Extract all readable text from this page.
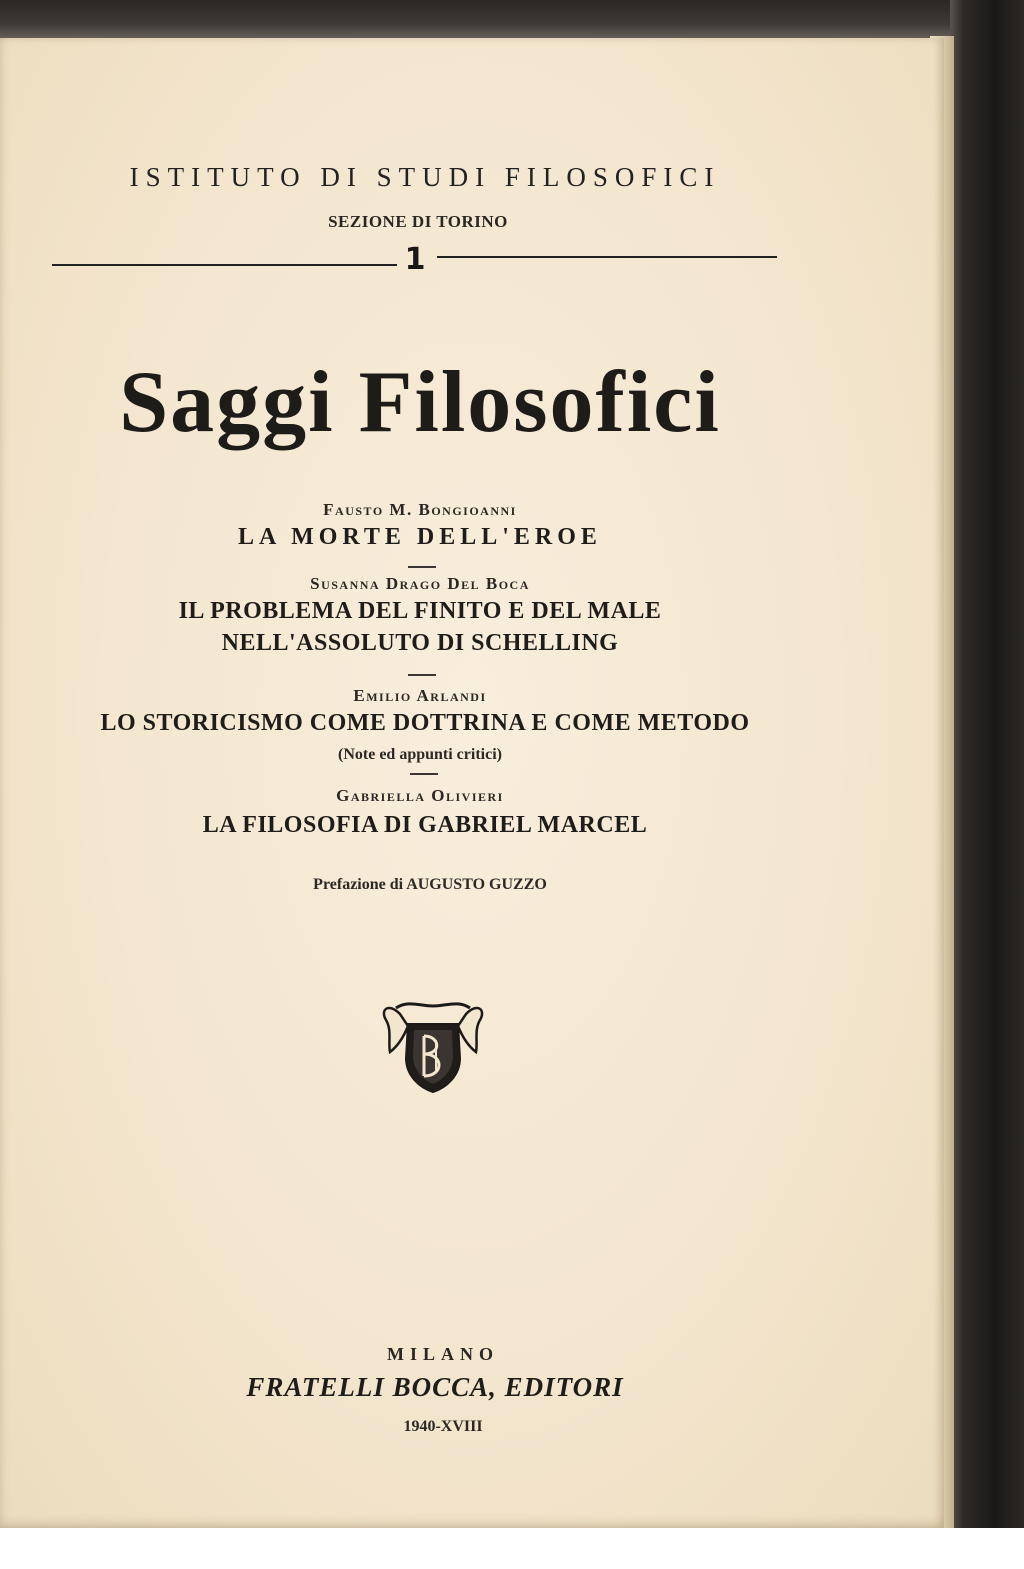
ISTITUTO DI STUDI FILOSOFICI
SEZIONE DI TORINO
1
Saggi Filosofici
Fausto M. Bongioanni
LA MORTE DELL'EROE
Susanna Drago Del Boca
IL PROBLEMA DEL FINITO E DEL MALE
NELL'ASSOLUTO DI SCHELLING
Emilio Arlandi
LO STORICISMO COME DOTTRINA E COME METODO
(Note ed appunti critici)
Gabriella Olivieri
LA FILOSOFIA DI GABRIEL MARCEL
Prefazione di AUGUSTO GUZZO
MILANO
FRATELLI BOCCA, EDITORI
1940-XVIII
